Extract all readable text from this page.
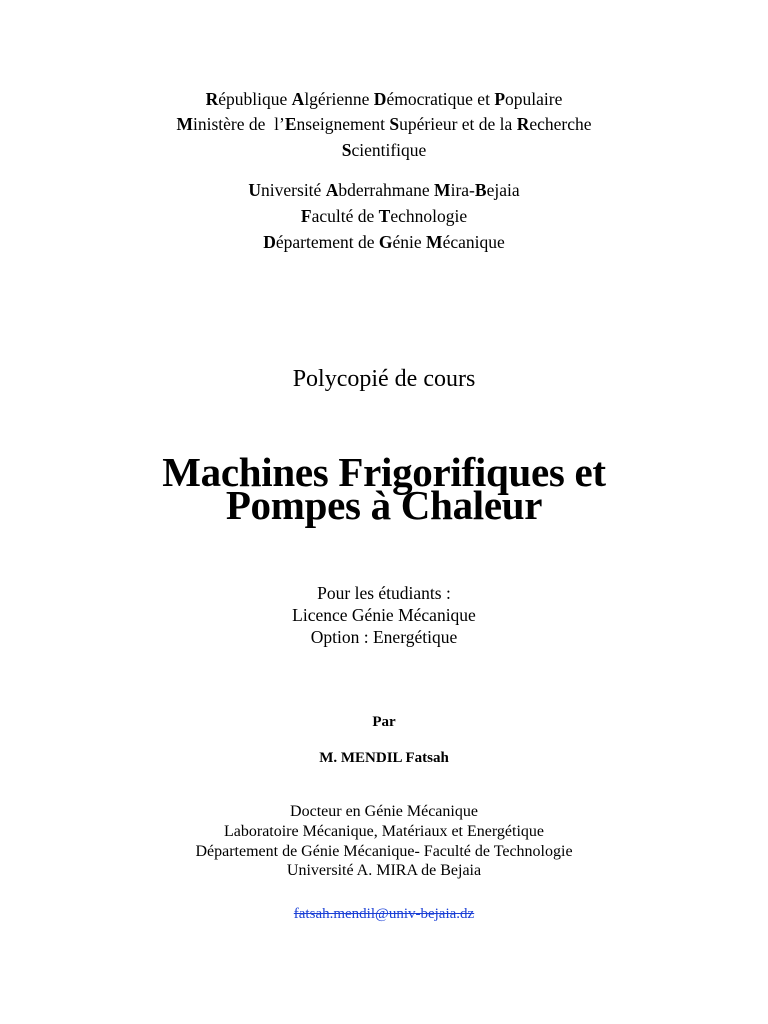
République Algérienne Démocratique et Populaire
Ministère de  l’Enseignement Supérieur et de la Recherche
Scientifique
Université Abderrahmane Mira-Bejaia
Faculté de Technologie
Département de Génie Mécanique
Polycopié de cours
Machines Frigorifiques et
Pompes à Chaleur
Pour les étudiants :
Licence Génie Mécanique
Option : Energétique
Par
M. MENDIL Fatsah
Docteur en Génie Mécanique
Laboratoire Mécanique, Matériaux et Energétique
Département de Génie Mécanique- Faculté de Technologie
Université A. MIRA de Bejaia
fatsah.mendil@univ-bejaia.dz
